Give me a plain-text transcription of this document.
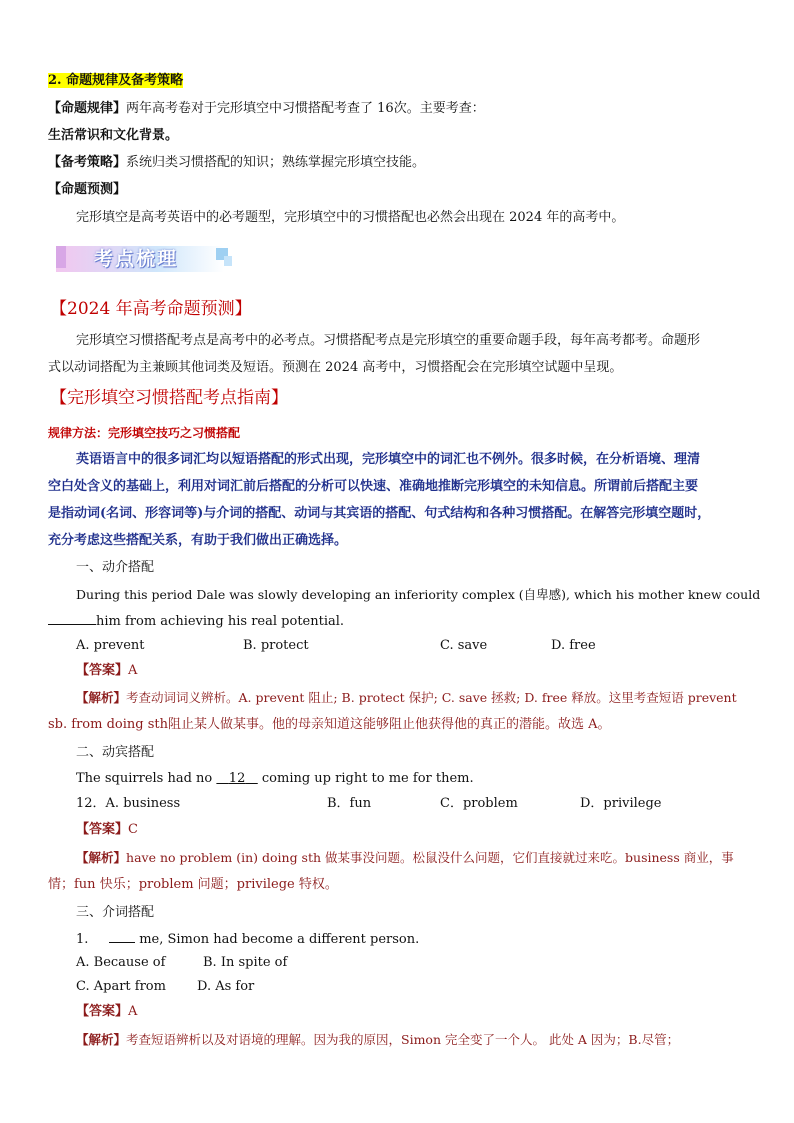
2. 命题规律及备考策略
【命题规律】两年高考卷对于完形填空中习惯搭配考查了 16次。主要考查：
生活常识和文化背景。
【备考策略】系统归类习惯搭配的知识；熟练掌握完形填空技能。
【命题预测】
完形填空是高考英语中的必考题型，完形填空中的习惯搭配也必然会出现在 2024 年的高考中。
考点梳理
【2024 年高考命题预测】
完形填空习惯搭配考点是高考中的必考点。习惯搭配考点是完形填空的重要命题手段，每年高考都考。命题形
式以动词搭配为主兼顾其他词类及短语。预测在 2024 高考中，习惯搭配会在完形填空试题中呈现。
【完形填空习惯搭配考点指南】
规律方法：完形填空技巧之习惯搭配
英语语言中的很多词汇均以短语搭配的形式出现，完形填空中的词汇也不例外。很多时候，在分析语境、理清
空白处含义的基础上，利用对词汇前后搭配的分析可以快速、准确地推断完形填空的未知信息。所谓前后搭配主要
是指动词(名词、形容词等)与介词的搭配、动词与其宾语的搭配、句式结构和各种习惯搭配。在解答完形填空题时，
充分考虑这些搭配关系，有助于我们做出正确选择。
一、动介搭配
During this period Dale was slowly developing an inferiority complex (自卑感), which his mother knew could
him from achieving his real potential.
A. prevent	B. protect	C. save	D. free
【答案】A
【解析】考查动词词义辨析。A. prevent 阻止; B. protect 保护; C. save 拯救; D. free 释放。这里考查短语 prevent
sb. from doing sth阻止某人做某事。他的母亲知道这能够阻止他获得他的真正的潜能。故选 A。
二、动宾搭配
The squirrels had no    12    coming up right to me for them.
12．A. business	B．fun	C．problem	D．privilege
【答案】C
【解析】have no problem (in) doing sth 做某事没问题。松鼠没什么问题，它们直接就过来吃。business 商业，事
情；fun 快乐；problem 问题；privilege 特权。
三、介词搭配
1.	me, Simon had become a different person.
A. Because of	B. In spite of
C. Apart from D. As for
【答案】A
【解析】考查短语辨析以及对语境的理解。因为我的原因，Simon 完全变了一个人。 此处 A 因为；B.尽管；
